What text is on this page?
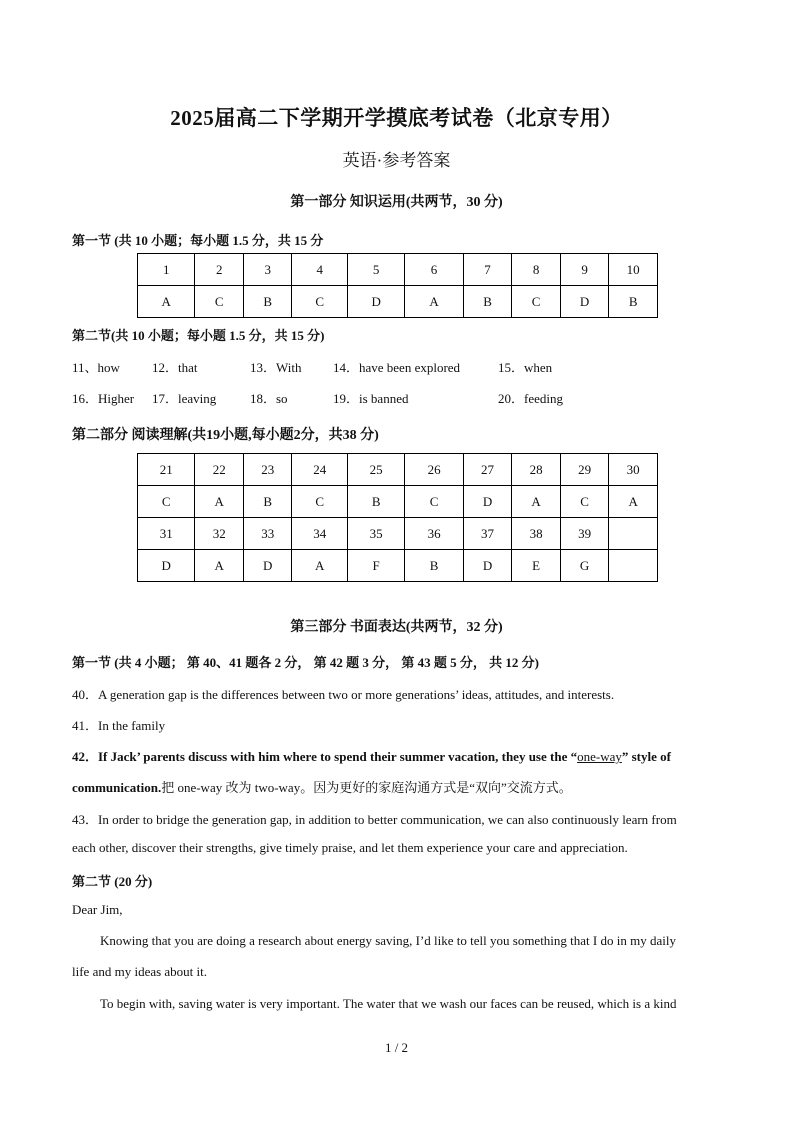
2025届高二下学期开学摸底考试卷（北京专用）
英语·参考答案
第一部分 知识运用(共两节，30 分)
第一节 (共 10 小题；每小题 1.5 分，共 15 分
1	2	3	4	5	6	7	8	9	10
A	C	B	C	D	A	B	C	D	B
第二节(共 10 小题；每小题 1.5 分，共 15 分)
11、how 12．that	13．With 14．have been explored	15．when
16．Higher 17．leaving	18．so	19．is banned	20．feeding
第二部分 阅读理解(共19小题,每小题2分，共38 分)
21	22	23	24	25	26	27	28	29	30
C	A	B	C	B	C	D	A	C	A
31	32	33	34	35	36	37	38	39	
D	A	D	A	F	B	D	E	G	
第三部分 书面表达(共两节，32 分)
第一节 (共 4 小题； 第 40、41 题各 2 分， 第 42 题 3 分， 第 43 题 5 分， 共 12 分)
40．A generation gap is the differences between two or more generations’ ideas, attitudes, and interests.
41．In the family
42．If Jack’ parents discuss with him where to spend their summer vacation, they use the “one-way” style of
communication.把 one-way 改为 two-way。因为更好的家庭沟通方式是“双向”交流方式。
43．In order to bridge the generation gap, in addition to better communication, we can also continuously learn from
each other, discover their strengths, give timely praise, and let them experience your care and appreciation.
第二节 (20 分)
Dear Jim,
Knowing that you are doing a research about energy saving, I’d like to tell you something that I do in my daily
life and my ideas about it.
To begin with, saving water is very important. The water that we wash our faces can be reused, which is a kind
1 / 2
